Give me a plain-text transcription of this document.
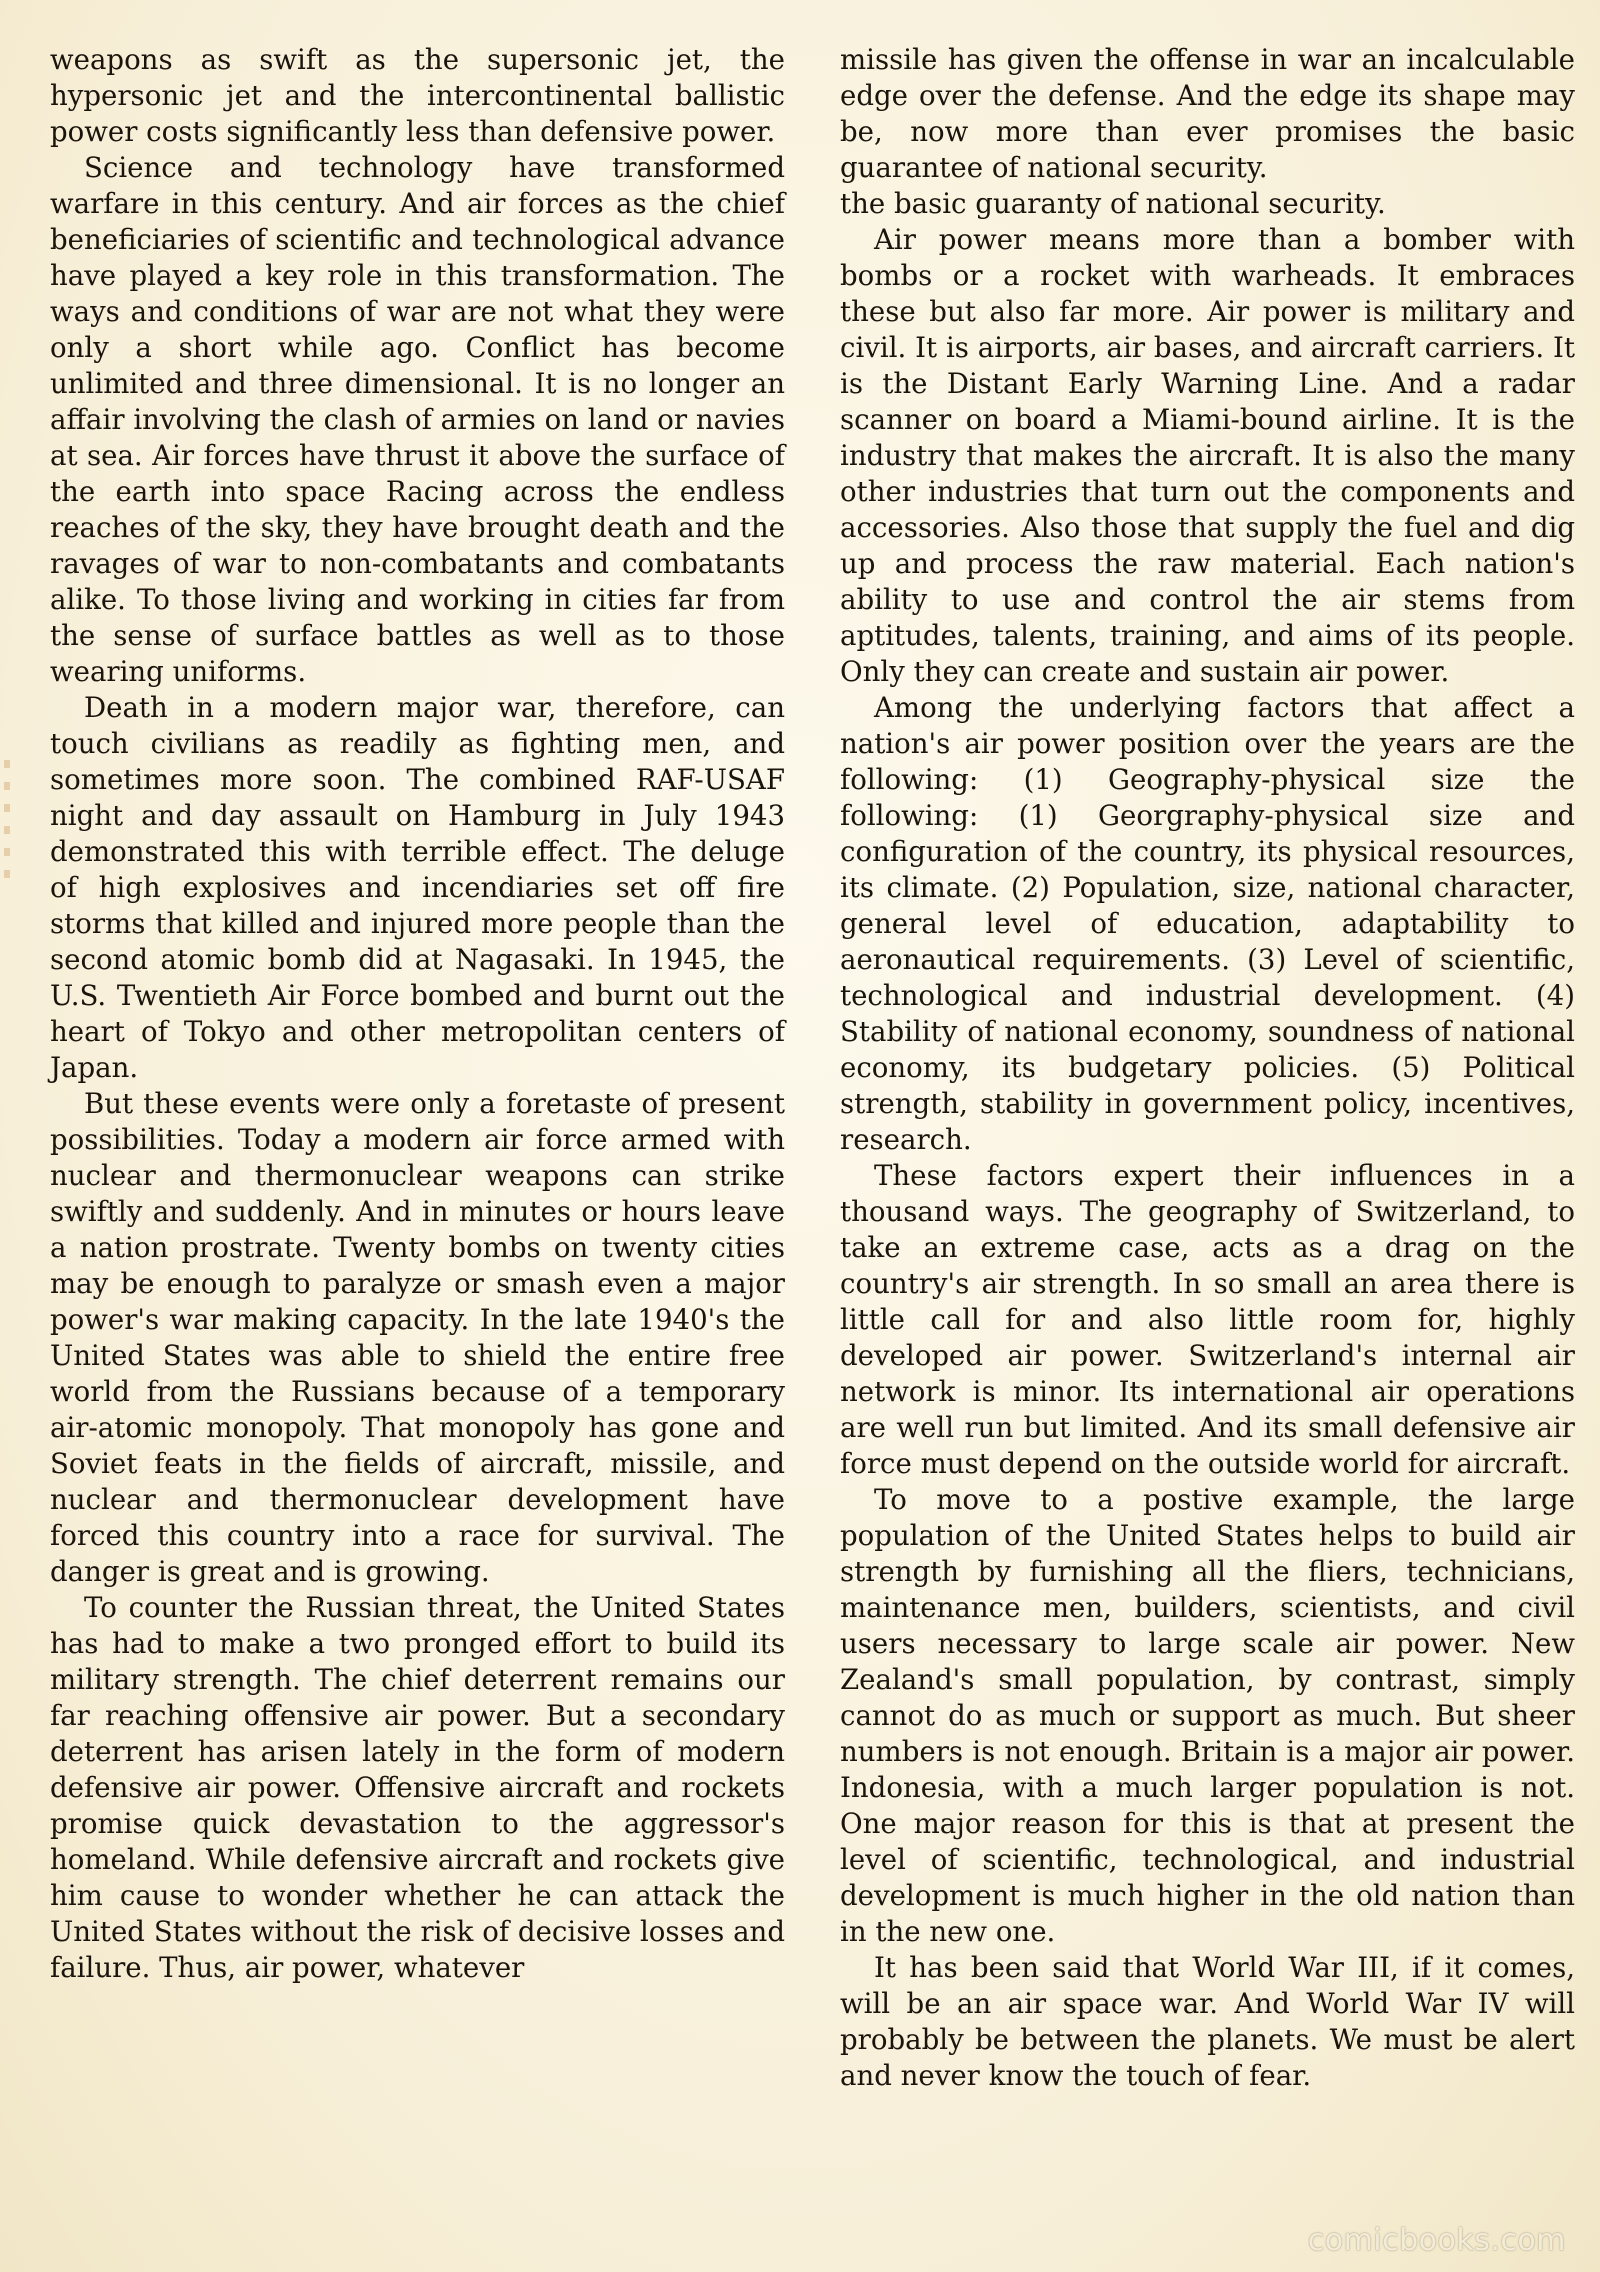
weapons as swift as the supersonic jet, the hypersonic jet and the intercontinental ballistic power costs significantly less than defensive power.

Science and technology have transformed warfare in this century. And air forces as the chief beneficiaries of scientific and technological advance have played a key role in this transformation. The ways and conditions of war are not what they were only a short while ago. Conflict has become unlimited and three dimensional. It is no longer an affair involving the clash of armies on land or navies at sea. Air forces have thrust it above the surface of the earth into space Racing across the endless reaches of the sky, they have brought death and the ravages of war to non-combatants and combatants alike. To those living and working in cities far from the sense of surface battles as well as to those wearing uniforms.

Death in a modern major war, therefore, can touch civilians as readily as fighting men, and sometimes more soon. The combined RAF-USAF night and day assault on Hamburg in July 1943 demonstrated this with terrible effect. The deluge of high explosives and incendiaries set off fire storms that killed and injured more people than the second atomic bomb did at Nagasaki. In 1945, the U.S. Twentieth Air Force bombed and burnt out the heart of Tokyo and other metropolitan centers of Japan.

But these events were only a foretaste of present possibilities. Today a modern air force armed with nuclear and thermonuclear weapons can strike swiftly and suddenly. And in minutes or hours leave a nation prostrate. Twenty bombs on twenty cities may be enough to paralyze or smash even a major power's war making capacity. In the late 1940's the United States was able to shield the entire free world from the Russians because of a temporary air-atomic monopoly. That monopoly has gone and Soviet feats in the fields of aircraft, missile, and nuclear and thermonuclear development have forced this country into a race for survival. The danger is great and is growing.

To counter the Russian threat, the United States has had to make a two pronged effort to build its military strength. The chief deterrent remains our far reaching offensive air power. But a secondary deterrent has arisen lately in the form of modern defensive air power. Offensive aircraft and rockets promise quick devastation to the aggressor's homeland. While defensive aircraft and rockets give him cause to wonder whether he can attack the United States without the risk of decisive losses and failure. Thus, air power, whatever

missile has given the offense in war an incalculable edge over the defense. And the edge its shape may be, now more than ever promises the basic guarantee of national security.

the basic guaranty of national security.

Air power means more than a bomber with bombs or a rocket with warheads. It embraces these but also far more. Air power is military and civil. It is airports, air bases, and aircraft carriers. It is the Distant Early Warning Line. And a radar scanner on board a Miami-bound airline. It is the industry that makes the aircraft. It is also the many other industries that turn out the components and accessories. Also those that supply the fuel and dig up and process the raw material. Each nation's ability to use and control the air stems from aptitudes, talents, training, and aims of its people. Only they can create and sustain air power.

Among the underlying factors that affect a nation's air power position over the years are the following: (1) Geography-physical size the following: (1) Georgraphy-physical size and configuration of the country, its physical resources, its climate. (2) Population, size, national character, general level of education, adaptability to aeronautical requirements. (3) Level of scientific, technological and industrial development. (4) Stability of national economy, soundness of national economy, its budgetary policies. (5) Political strength, stability in government policy, incentives, research.

These factors expert their influences in a thousand ways. The geography of Switzerland, to take an extreme case, acts as a drag on the country's air strength. In so small an area there is little call for and also little room for, highly developed air power. Switzerland's internal air network is minor. Its international air operations are well run but limited. And its small defensive air force must depend on the outside world for aircraft.

To move to a postive example, the large population of the United States helps to build air strength by furnishing all the fliers, technicians, maintenance men, builders, scientists, and civil users necessary to large scale air power. New Zealand's small population, by contrast, simply cannot do as much or support as much. But sheer numbers is not enough. Britain is a major air power. Indonesia, with a much larger population is not. One major reason for this is that at present the level of scientific, technological, and industrial development is much higher in the old nation than in the new one.

It has been said that World War III, if it comes, will be an air space war. And World War IV will probably be between the planets. We must be alert and never know the touch of fear.

comicbooks.com
